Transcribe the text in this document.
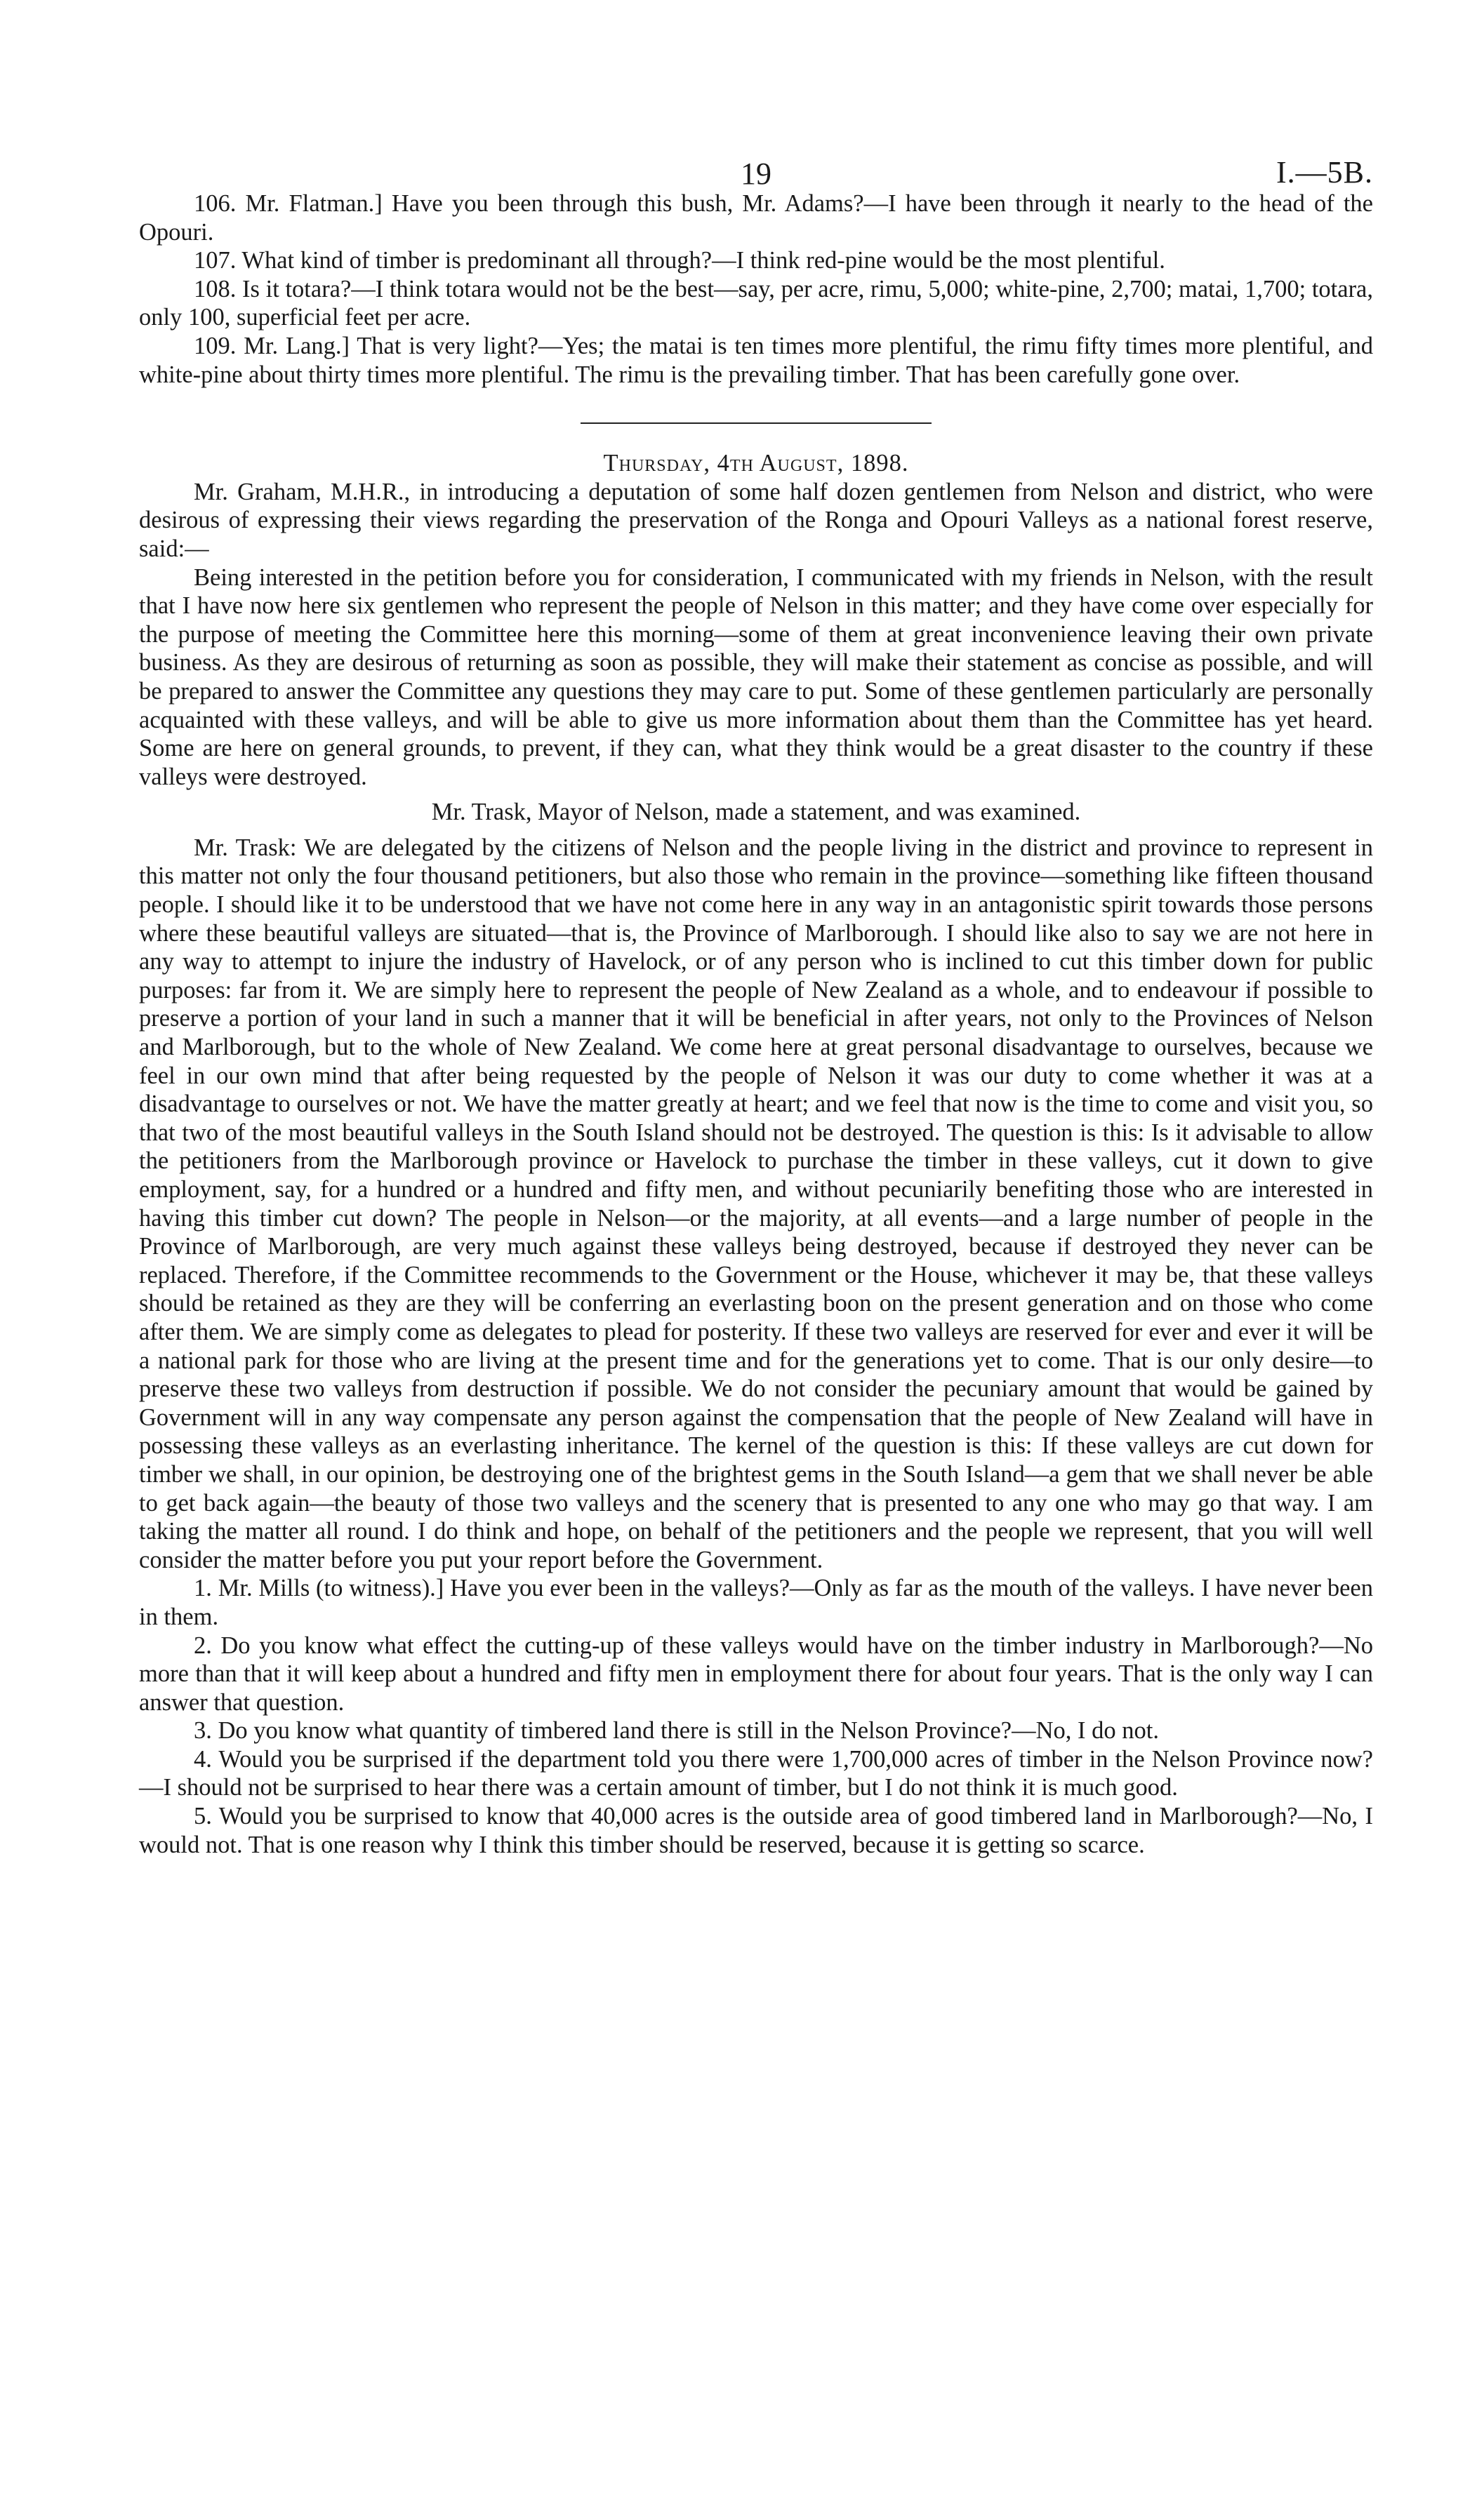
19	I.—5B.

106. Mr. Flatman.] Have you been through this bush, Mr. Adams?—I have been through it nearly to the head of the Opouri.

107. What kind of timber is predominant all through?—I think red-pine would be the most plentiful.

108. Is it totara?—I think totara would not be the best—say, per acre, rimu, 5,000; white-pine, 2,700; matai, 1,700; totara, only 100, superficial feet per acre.

109. Mr. Lang.] That is very light?—Yes; the matai is ten times more plentiful, the rimu fifty times more plentiful, and white-pine about thirty times more plentiful. The rimu is the prevailing timber. That has been carefully gone over.

Thursday, 4th August, 1898.

Mr. Graham, M.H.R., in introducing a deputation of some half dozen gentlemen from Nelson and district, who were desirous of expressing their views regarding the preservation of the Ronga and Opouri Valleys as a national forest reserve, said:—

Being interested in the petition before you for consideration, I communicated with my friends in Nelson, with the result that I have now here six gentlemen who represent the people of Nelson in this matter; and they have come over especially for the purpose of meeting the Committee here this morning—some of them at great inconvenience leaving their own private business. As they are desirous of returning as soon as possible, they will make their statement as concise as possible, and will be prepared to answer the Committee any questions they may care to put. Some of these gentlemen particularly are personally acquainted with these valleys, and will be able to give us more information about them than the Committee has yet heard. Some are here on general grounds, to prevent, if they can, what they think would be a great disaster to the country if these valleys were destroyed.

Mr. Trask, Mayor of Nelson, made a statement, and was examined.

Mr. Trask: We are delegated by the citizens of Nelson and the people living in the district and province to represent in this matter not only the four thousand petitioners, but also those who remain in the province—something like fifteen thousand people. I should like it to be understood that we have not come here in any way in an antagonistic spirit towards those persons where these beautiful valleys are situated—that is, the Province of Marlborough. I should like also to say we are not here in any way to attempt to injure the industry of Havelock, or of any person who is inclined to cut this timber down for public purposes: far from it. We are simply here to represent the people of New Zealand as a whole, and to endeavour if possible to preserve a portion of your land in such a manner that it will be beneficial in after years, not only to the Provinces of Nelson and Marlborough, but to the whole of New Zealand. We come here at great personal disadvantage to ourselves, because we feel in our own mind that after being requested by the people of Nelson it was our duty to come whether it was at a disadvantage to ourselves or not. We have the matter greatly at heart; and we feel that now is the time to come and visit you, so that two of the most beautiful valleys in the South Island should not be destroyed. The question is this: Is it advisable to allow the petitioners from the Marlborough province or Havelock to purchase the timber in these valleys, cut it down to give employment, say, for a hundred or a hundred and fifty men, and without pecuniarily benefiting those who are interested in having this timber cut down? The people in Nelson—or the majority, at all events—and a large number of people in the Province of Marlborough, are very much against these valleys being destroyed, because if destroyed they never can be replaced. Therefore, if the Committee recommends to the Government or the House, whichever it may be, that these valleys should be retained as they are they will be conferring an everlasting boon on the present generation and on those who come after them. We are simply come as delegates to plead for posterity. If these two valleys are reserved for ever and ever it will be a national park for those who are living at the present time and for the generations yet to come. That is our only desire—to preserve these two valleys from destruction if possible. We do not consider the pecuniary amount that would be gained by Government will in any way compensate any person against the compensation that the people of New Zealand will have in possessing these valleys as an everlasting inheritance. The kernel of the question is this: If these valleys are cut down for timber we shall, in our opinion, be destroying one of the brightest gems in the South Island—a gem that we shall never be able to get back again—the beauty of those two valleys and the scenery that is presented to any one who may go that way. I am taking the matter all round. I do think and hope, on behalf of the petitioners and the people we represent, that you will well consider the matter before you put your report before the Government.

1. Mr. Mills (to witness).] Have you ever been in the valleys?—Only as far as the mouth of the valleys. I have never been in them.

2. Do you know what effect the cutting-up of these valleys would have on the timber industry in Marlborough?—No more than that it will keep about a hundred and fifty men in employment there for about four years. That is the only way I can answer that question.

3. Do you know what quantity of timbered land there is still in the Nelson Province?—No, I do not.

4. Would you be surprised if the department told you there were 1,700,000 acres of timber in the Nelson Province now?—I should not be surprised to hear there was a certain amount of timber, but I do not think it is much good.

5. Would you be surprised to know that 40,000 acres is the outside area of good timbered land in Marlborough?—No, I would not. That is one reason why I think this timber should be reserved, because it is getting so scarce.
